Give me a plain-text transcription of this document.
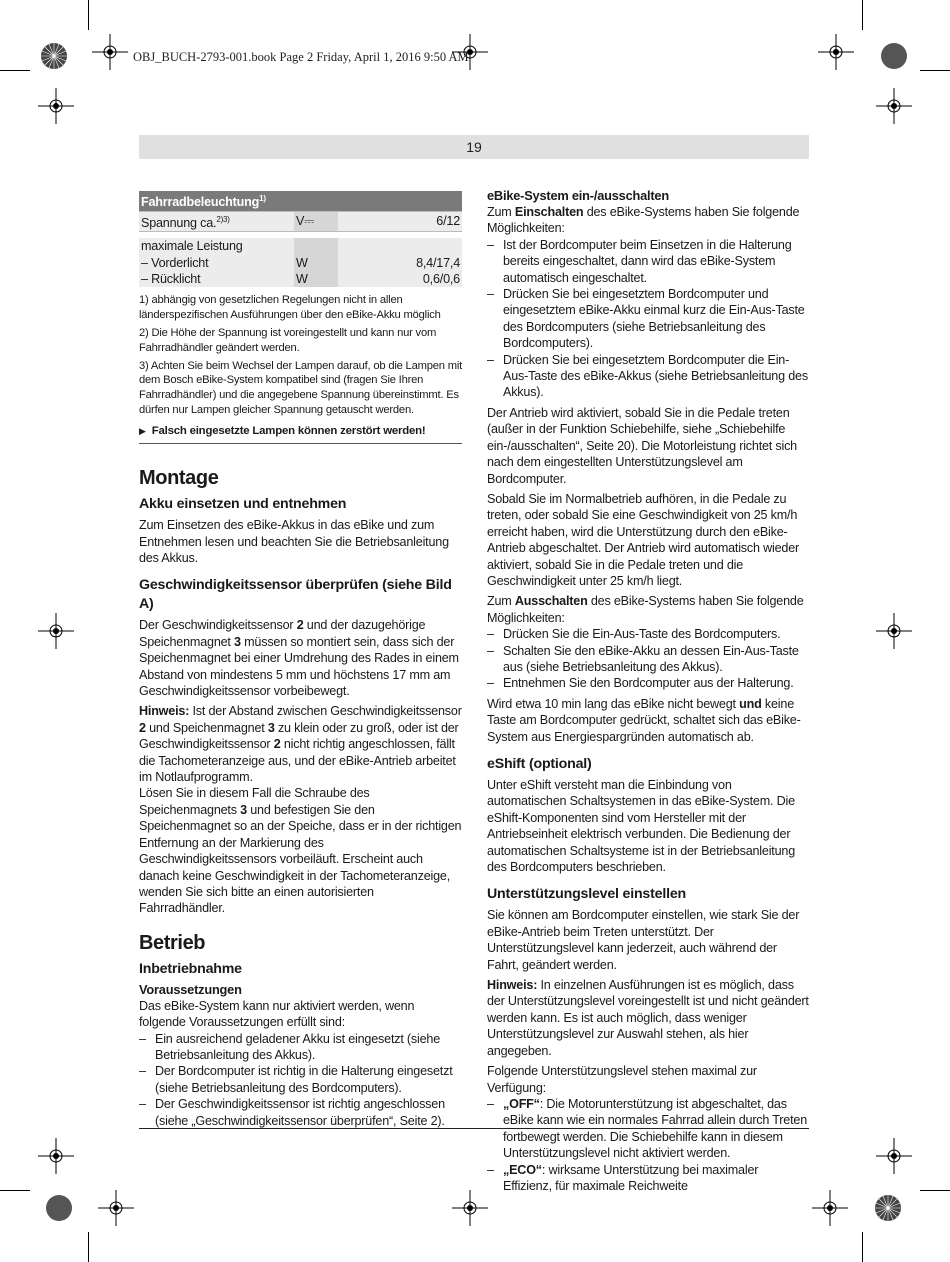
OBJ_BUCH-2793-001.book Page 2 Friday, April 1, 2016 9:50 AM
19
Fahrradbeleuchtung$^{1)}$
Spannung ca.$^{2)3)}$	V⎓	6/12

maximale Leistung		
– Vorderlicht	W	8,4/17,4
– Rücklicht	W	0,6/0,6

1) abhängig von gesetzlichen Regelungen nicht in allen länderspezifischen Ausführungen über den eBike-Akku möglich

2) Die Höhe der Spannung ist voreingestellt und kann nur vom Fahrradhändler geändert werden.

3) Achten Sie beim Wechsel der Lampen darauf, ob die Lampen mit dem Bosch eBike-System kompatibel sind (fragen Sie Ihren Fahrradhändler) und die angegebene Spannung übereinstimmt. Es dürfen nur Lampen gleicher Spannung getauscht werden.

▶ Falsch eingesetzte Lampen können zerstört werden!
Montage
Akku einsetzen und entnehmen

Zum Einsetzen des eBike-Akkus in das eBike und zum Entnehmen lesen und beachten Sie die Betriebsanleitung des Akkus.

Geschwindigkeitssensor überprüfen (siehe Bild A)

Der Geschwindigkeitssensor 2 und der dazugehörige Speichenmagnet 3 müssen so montiert sein, dass sich der Speichenmagnet bei einer Umdrehung des Rades in einem Abstand von mindestens 5 mm und höchstens 17 mm am Geschwindigkeitssensor vorbeibewegt.

Hinweis: Ist der Abstand zwischen Geschwindigkeitssensor 2 und Speichenmagnet 3 zu klein oder zu groß, oder ist der Geschwindigkeitssensor 2 nicht richtig angeschlossen, fällt die Tachometeranzeige aus, und der eBike-Antrieb arbeitet im Notlaufprogramm.

Lösen Sie in diesem Fall die Schraube des Speichenmagnets 3 und befestigen Sie den Speichenmagnet so an der Speiche, dass er in der richtigen Entfernung an der Markierung des Geschwindigkeitssensors vorbeiläuft. Erscheint auch danach keine Geschwindigkeit in der Tachometeranzeige, wenden Sie sich bitte an einen autorisierten Fahrradhändler.

Betrieb
Inbetriebnahme
Voraussetzungen

Das eBike-System kann nur aktiviert werden, wenn folgende Voraussetzungen erfüllt sind:

– Ein ausreichend geladener Akku ist eingesetzt (siehe Betriebsanleitung des Akkus).
– Der Bordcomputer ist richtig in die Halterung eingesetzt (siehe Betriebsanleitung des Bordcomputers).
– Der Geschwindigkeitssensor ist richtig angeschlossen (siehe „Geschwindigkeitssensor überprüfen“, Seite 2).
eBike-System ein-/ausschalten

Zum Einschalten des eBike-Systems haben Sie folgende Möglichkeiten:

– Ist der Bordcomputer beim Einsetzen in die Halterung bereits eingeschaltet, dann wird das eBike-System automatisch eingeschaltet.
– Drücken Sie bei eingesetztem Bordcomputer und eingesetztem eBike-Akku einmal kurz die Ein-Aus-Taste des Bordcomputers (siehe Betriebsanleitung des Bordcomputers).
– Drücken Sie bei eingesetztem Bordcomputer die Ein-Aus-Taste des eBike-Akkus (siehe Betriebsanleitung des Akkus).

Der Antrieb wird aktiviert, sobald Sie in die Pedale treten (außer in der Funktion Schiebehilfe, siehe „Schiebehilfe ein-/ausschalten“, Seite 20). Die Motorleistung richtet sich nach dem eingestellten Unterstützungslevel am Bordcomputer.

Sobald Sie im Normalbetrieb aufhören, in die Pedale zu treten, oder sobald Sie eine Geschwindigkeit von 25 km/h erreicht haben, wird die Unterstützung durch den eBike-Antrieb abgeschaltet. Der Antrieb wird automatisch wieder aktiviert, sobald Sie in die Pedale treten und die Geschwindigkeit unter 25 km/h liegt.

Zum Ausschalten des eBike-Systems haben Sie folgende Möglichkeiten:

– Drücken Sie die Ein-Aus-Taste des Bordcomputers.
– Schalten Sie den eBike-Akku an dessen Ein-Aus-Taste aus (siehe Betriebsanleitung des Akkus).
– Entnehmen Sie den Bordcomputer aus der Halterung.

Wird etwa 10 min lang das eBike nicht bewegt und keine Taste am Bordcomputer gedrückt, schaltet sich das eBike-System aus Energiespargründen automatisch ab.

eShift (optional)

Unter eShift versteht man die Einbindung von automatischen Schaltsystemen in das eBike-System. Die eShift-Komponenten sind vom Hersteller mit der Antriebseinheit elektrisch verbunden. Die Bedienung der automatischen Schaltsysteme ist in der Betriebsanleitung des Bordcomputers beschrieben.

Unterstützungslevel einstellen

Sie können am Bordcomputer einstellen, wie stark Sie der eBike-Antrieb beim Treten unterstützt. Der Unterstützungslevel kann jederzeit, auch während der Fahrt, geändert werden.

Hinweis: In einzelnen Ausführungen ist es möglich, dass der Unterstützungslevel voreingestellt ist und nicht geändert werden kann. Es ist auch möglich, dass weniger Unterstützungslevel zur Auswahl stehen, als hier angegeben.

Folgende Unterstützungslevel stehen maximal zur Verfügung:

– „OFF“: Die Motorunterstützung ist abgeschaltet, das eBike kann wie ein normales Fahrrad allein durch Treten fortbewegt werden. Die Schiebehilfe kann in diesem Unterstützungslevel nicht aktiviert werden.
– „ECO“: wirksame Unterstützung bei maximaler Effizienz, für maximale Reichweite
